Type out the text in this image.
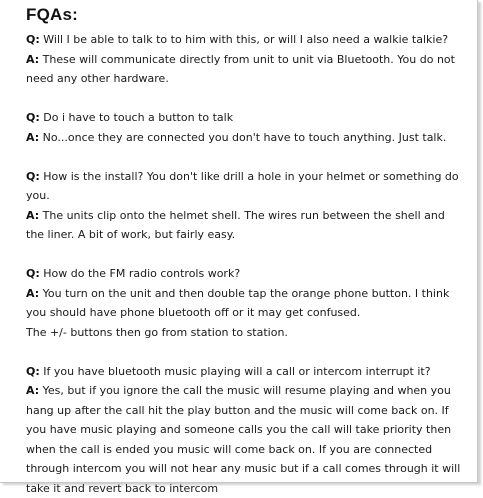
FQAs:
Q: Will I be able to talk to to him with this, or will I also need a walkie talkie?
A: These will communicate directly from unit to unit via Bluetooth. You do not need any other hardware.
Q: Do i have to touch a button to talk
A: No...once they are connected you don't have to touch anything. Just talk.
Q: How is the install? You don't like drill a hole in your helmet or something do you.
A: The units clip onto the helmet shell. The wires run between the shell and the liner. A bit of work, but fairly easy.
Q: How do the FM radio controls work?
A: You turn on the unit and then double tap the orange phone button. I think you should have phone bluetooth off or it may get confused.
The +/- buttons then go from station to station.
Q: If you have bluetooth music playing will a call or intercom interrupt it?
A: Yes, but if you ignore the call the music will resume playing and when you hang up after the call hit the play button and the music will come back on. If you have music playing and someone calls you the call will take priority then when the call is ended you music will come back on. If you are connected through intercom you will not hear any music but if a call comes through it will take it and revert back to intercom
